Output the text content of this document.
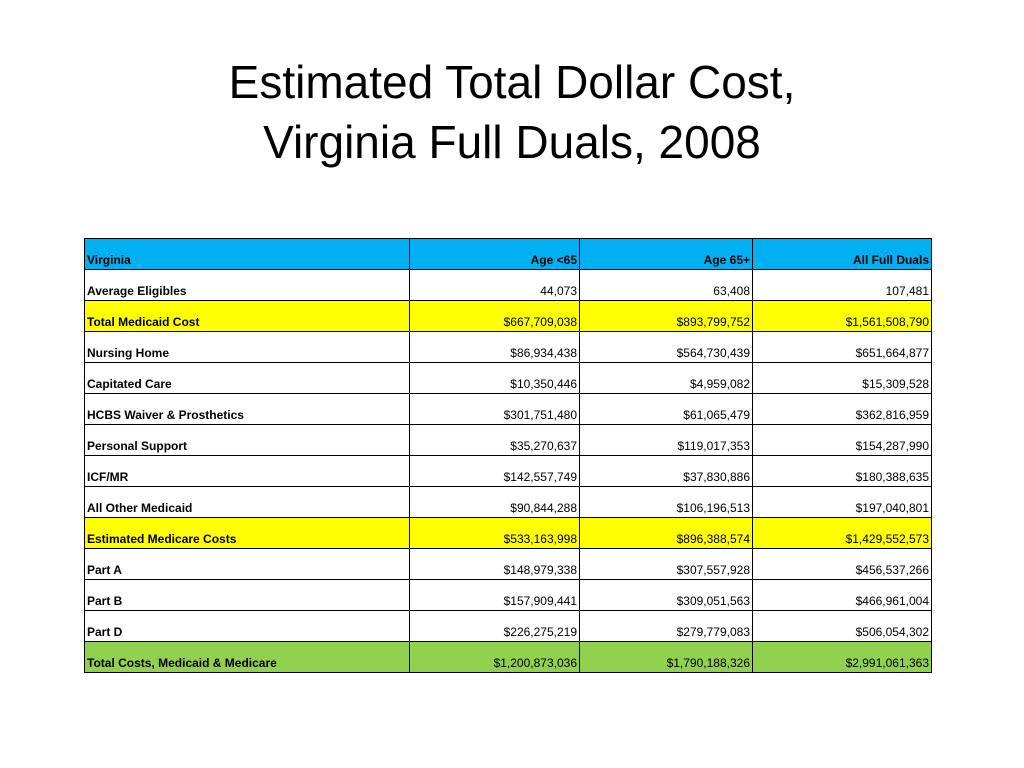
Estimated Total Dollar Cost,
Virginia Full Duals, 2008
Virginia	Age <65	Age 65+	All Full Duals
Average Eligibles	44,073	63,408	107,481
Total Medicaid Cost	$667,709,038	$893,799,752	$1,561,508,790
Nursing Home	$86,934,438	$564,730,439	$651,664,877
Capitated Care	$10,350,446	$4,959,082	$15,309,528
HCBS Waiver & Prosthetics	$301,751,480	$61,065,479	$362,816,959
Personal Support	$35,270,637	$119,017,353	$154,287,990
ICF/MR	$142,557,749	$37,830,886	$180,388,635
All Other Medicaid	$90,844,288	$106,196,513	$197,040,801
Estimated Medicare Costs	$533,163,998	$896,388,574	$1,429,552,573
Part A	$148,979,338	$307,557,928	$456,537,266
Part B	$157,909,441	$309,051,563	$466,961,004
Part D	$226,275,219	$279,779,083	$506,054,302
Total Costs, Medicaid & Medicare	$1,200,873,036	$1,790,188,326	$2,991,061,363
